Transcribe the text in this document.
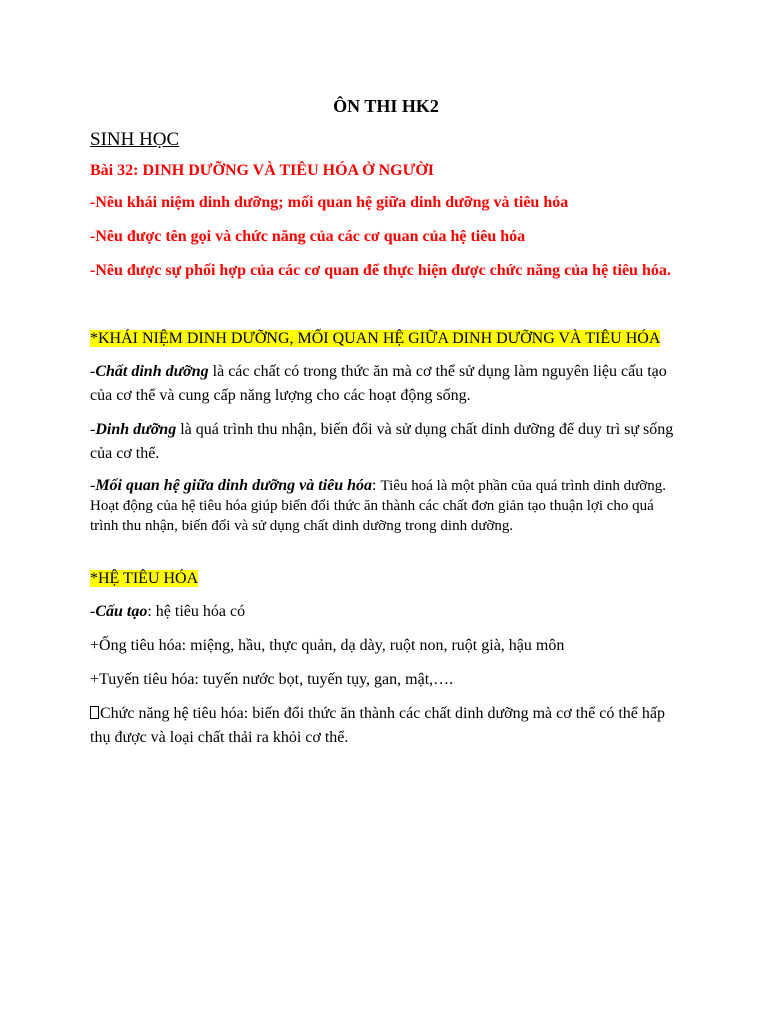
ÔN THI HK2
SINH HỌC
Bài 32: DINH DƯỠNG VÀ TIÊU HÓA Ở NGƯỜI
-Nêu khái niệm dinh dưỡng; mối quan hệ giữa dinh dưỡng và tiêu hóa
-Nêu được tên gọi và chức năng của các cơ quan của hệ tiêu hóa
-Nêu được sự phối hợp của các cơ quan để thực hiện được chức năng của hệ tiêu hóa.
*KHÁI NIỆM DINH DƯỠNG, MỐI QUAN HỆ GIỮA DINH DƯỠNG VÀ TIÊU HÓA
-Chất dinh dưỡng là các chất có trong thức ăn mà cơ thể sử dụng làm nguyên liệu cấu tạo của cơ thể và cung cấp năng lượng cho các hoạt động sống.
-Dinh dưỡng là quá trình thu nhận, biến đổi và sử dụng chất dinh dưỡng để duy trì sự sống của cơ thể.
-Mối quan hệ giữa dinh dưỡng và tiêu hóa: Tiêu hoá là một phần của quá trình dinh dưỡng. Hoạt động của hệ tiêu hóa giúp biến đổi thức ăn thành các chất đơn giản tạo thuận lợi cho quá trình thu nhận, biến đổi và sử dụng chất dinh dưỡng trong dinh dưỡng.
*HỆ TIÊU HÓA
-Cấu tạo: hệ tiêu hóa có
+Ống tiêu hóa: miệng, hầu, thực quản, dạ dày, ruột non, ruột già, hậu môn
+Tuyến tiêu hóa: tuyến nước bọt, tuyến tụy, gan, mật,….
Chức năng hệ tiêu hóa: biến đổi thức ăn thành các chất dinh dưỡng mà cơ thể có thể hấp thụ được và loại chất thải ra khỏi cơ thể.
